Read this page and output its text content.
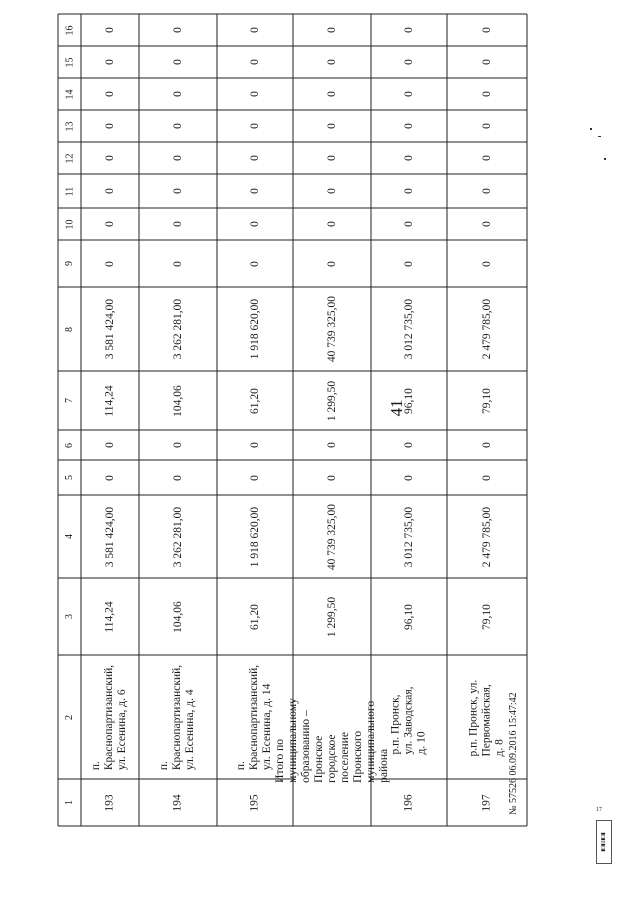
41
1
2
3
4
5
6
7
8
9
10
11
12
13
14
15
16
193
п. Краснопартизанский, ул. Есенина, д. 6
114,24
3 581 424,00
0
0
114,24
3 581 424,00
0
0
0
0
0
0
0
0
194
п. Краснопартизанский, ул. Есенина, д. 4
104,06
3 262 281,00
0
0
104,06
3 262 281,00
0
0
0
0
0
0
0
0
195
п. Краснопартизанский, ул. Есенина, д. 14
61,20
1 918 620,00
0
0
61,20
1 918 620,00
0
0
0
0
0
0
0
0
Итого по муниципальному образованию – Пронское городское поселение Пронского муниципального района
1 299,50
40 739 325,00
0
0
1 299,50
40 739 325,00
0
0
0
0
0
0
0
0
196
р.п. Пронск, ул. Заводская, д. 10
96,10
3 012 735,00
0
0
96,10
3 012 735,00
0
0
0
0
0
0
0
0
197
р.п. Пронск, ул. Первомайская, д. 8
79,10
2 479 785,00
0
0
79,10
2 479 785,00
0
0
0
0
0
0
0
0
17
▮▯▮▯▮▯▮
№ 57526 06.09.2016 15:47:42
